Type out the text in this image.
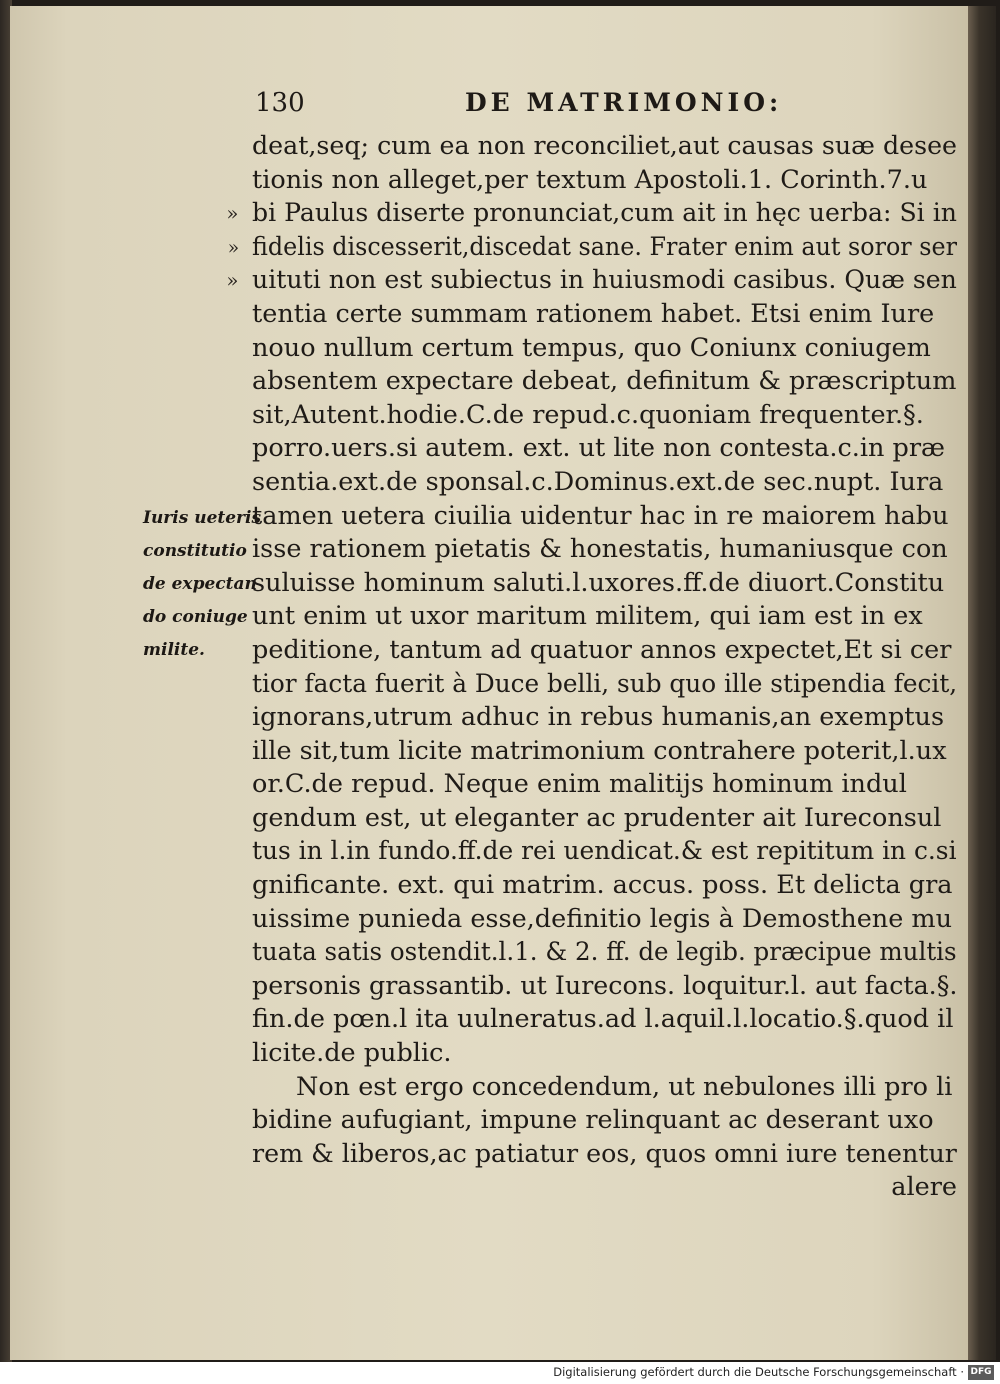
130	DE MATRIMONIO:
Iuris ueteris
constitutio
de expectan
do coniuge
milite.
deat,seq; cum ea non reconciliet,aut causas suæ desee
tionis non alleget,per textum Apostoli.1. Corinth.7.u
» bi Paulus diserte pronunciat,cum ait in hęc uerba: Si in
» fidelis discesserit,discedat sane. Frater enim aut soror ser
» uituti non est subiectus in huiusmodi casibus. Quæ sen
tentia certe summam rationem habet. Etsi enim Iure
nouo nullum certum tempus, quo Coniunx coniugem
absentem expectare debeat, definitum & præscriptum
sit,Autent.hodie.C.de repud.c.quoniam frequenter.§.
porro.uers.si autem. ext. ut lite non contesta.c.in præ
sentia.ext.de sponsal.c.Dominus.ext.de sec.nupt. Iura
tamen uetera ciuilia uidentur hac in re maiorem habu
isse rationem pietatis & honestatis, humaniusque con
suluisse hominum saluti.l.uxores.ff.de diuort.Constitu
unt enim ut uxor maritum militem, qui iam est in ex
peditione, tantum ad quatuor annos expectet,Et si cer
tior facta fuerit à Duce belli, sub quo ille stipendia fecit,
ignorans,utrum adhuc in rebus humanis,an exemptus
ille sit,tum licite matrimonium contrahere poterit,l.ux
or.C.de repud. Neque enim malitijs hominum indul
gendum est, ut eleganter ac prudenter ait Iureconsul
tus in l.in fundo.ff.de rei uendicat.& est repititum in c.si
gnificante. ext. qui matrim. accus. poss. Et delicta gra
uissime punieda esse,definitio legis à Demosthene mu
tuata satis ostendit.l.1. & 2. ff. de legib. præcipue multis
personis grassantib. ut Iurecons. loquitur.l. aut facta.§.
fin.de pœn.l ita uulneratus.ad l.aquil.l.locatio.§.quod il
licite.de public.
Non est ergo concedendum, ut nebulones illi pro li
bidine aufugiant, impune relinquant ac deserant uxo
rem & liberos,ac patiatur eos, quos omni iure tenentur
alere
Digitalisierung gefördert durch die Deutsche Forschungsgemeinschaft · DFG
